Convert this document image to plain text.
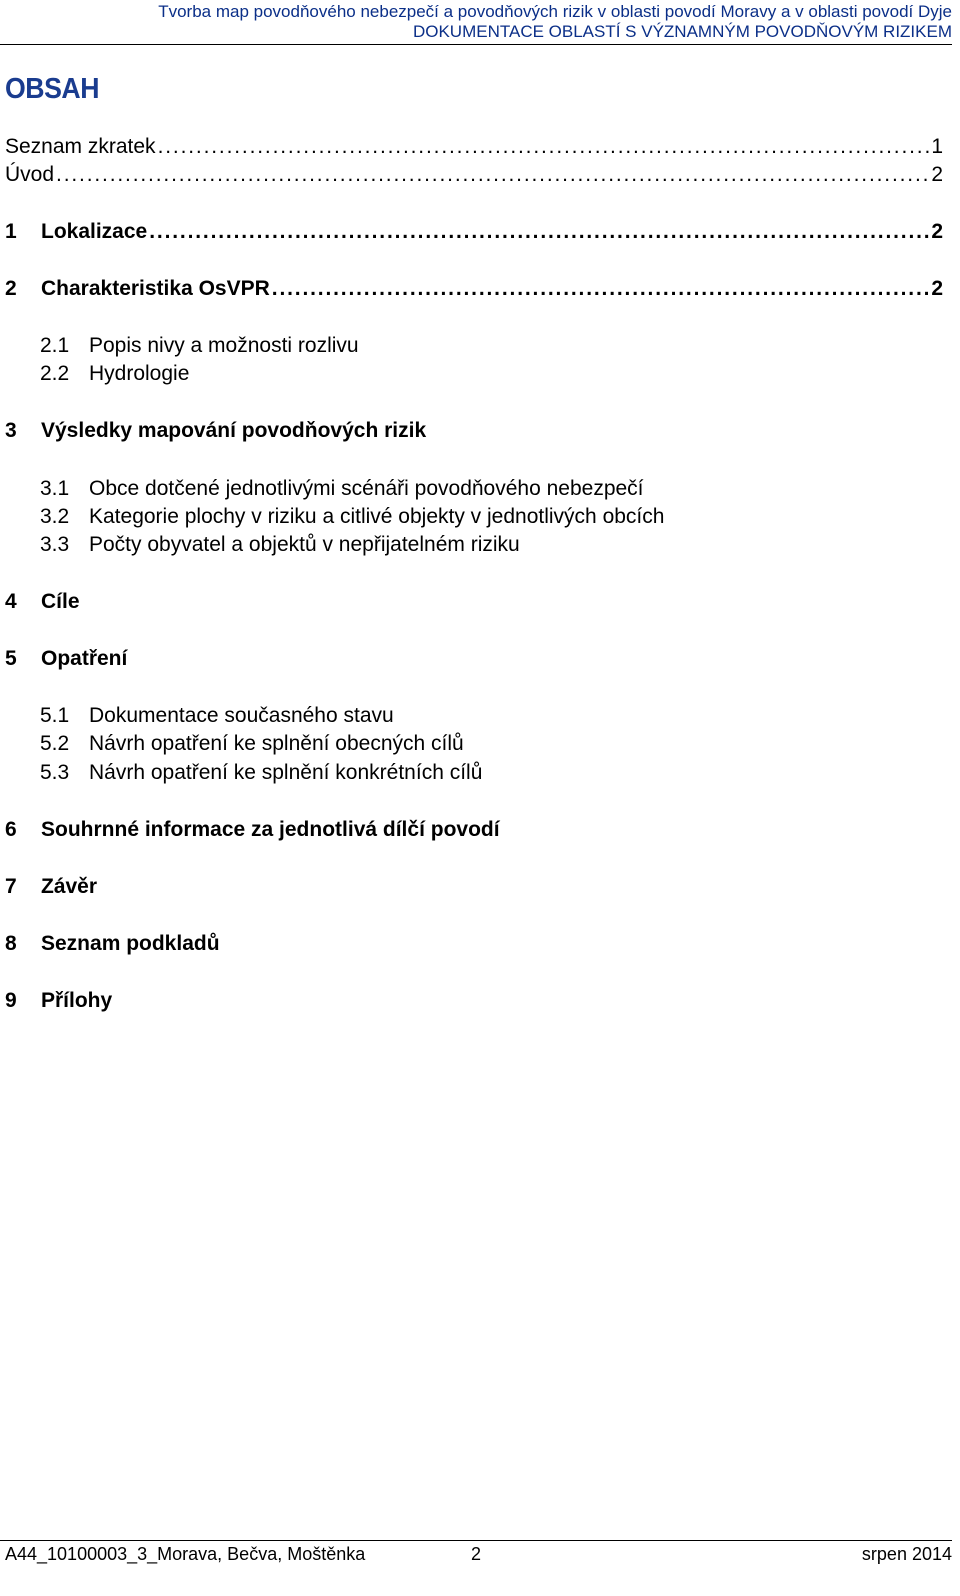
Tvorba map povodňového nebezpečí a povodňových rizik v oblasti povodí Moravy a v oblasti povodí Dyje
DOKUMENTACE OBLASTÍ S VÝZNAMNÝM POVODŇOVÝM RIZIKEM
OBSAH
Seznam zkratek . . .	1
Úvod . . .	2
1	Lokalizace . . .	2
2	Charakteristika OsVPR . . .	2
2.1 Popis nivy a možnosti rozlivu
2.2 Hydrologie
3	Výsledky mapování povodňových rizik
3.1 Obce dotčené jednotlivými scénáři povodňového nebezpečí
3.2 Kategorie plochy v riziku a citlivé objekty v jednotlivých obcích
3.3 Počty obyvatel a objektů v nepřijatelném riziku
4	Cíle
5	Opatření
5.1 Dokumentace současného stavu
5.2 Návrh opatření ke splnění obecných cílů
5.3 Návrh opatření ke splnění konkrétních cílů
6	Souhrnné informace za jednotlivá dílčí povodí
7	Závěr
8	Seznam podkladů
9	Přílohy
A44_10100003_3_Morava, Bečva, Moštěnka	2	srpen 2014
